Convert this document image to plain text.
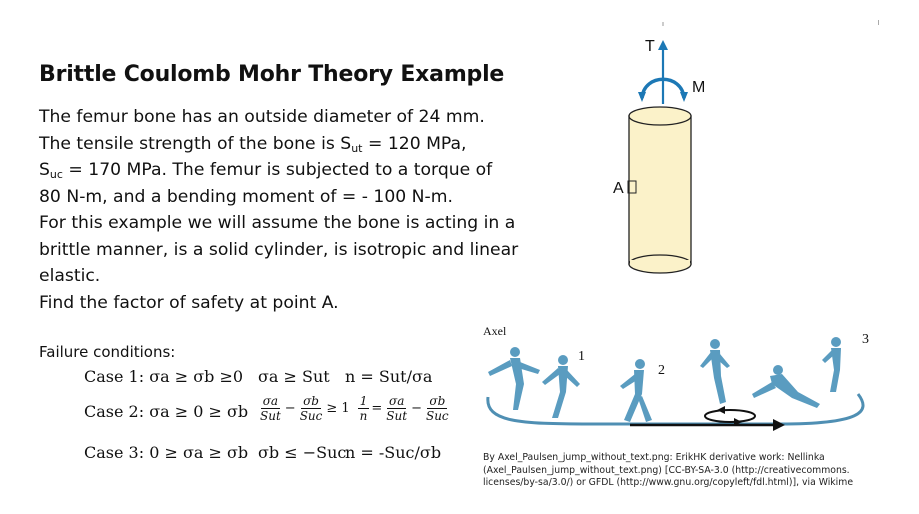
Brittle Coulomb Mohr Theory Example
The femur bone has an outside diameter of 24 mm.
The tensile strength of the bone is $S_{ut} = 120$ MPa,
$S_{uc} = 170$ MPa. The femur is subjected to a torque of
80 N-m, and a bending moment of = - 100 N-m.
For this example we will assume the bone is acting in a
brittle manner, is a solid cylinder, is isotropic and linear
elastic.
Find the factor of safety at point A.
Failure conditions:
Case 1: σa ≥ σb ≥0 σa ≥ Sut n = Sut/σa
Case 2: σa ≥ 0 ≥ σb $\frac{\sigma a}{\text{Sut}} - \frac{\sigma b}{\text{Suc}} \ge 1 \frac{1}{n} = \frac{\sigma a}{\text{Sut}} - \frac{\sigma b}{\text{Suc}}$
Case 3: 0 ≥ σa ≥ σb σb ≤ −Suc
n = -Suc/σb
T
M
A
Axel
1
2
3
By Axel_Paulsen_jump_without_text.png: ErikHK derivative work: Nellinka
(Axel_Paulsen_jump_without_text.png) [CC-BY-SA-3.0 (http://creativecommons.
licenses/by-sa/3.0/) or GFDL (http://www.gnu.org/copyleft/fdl.html)], via Wikime
